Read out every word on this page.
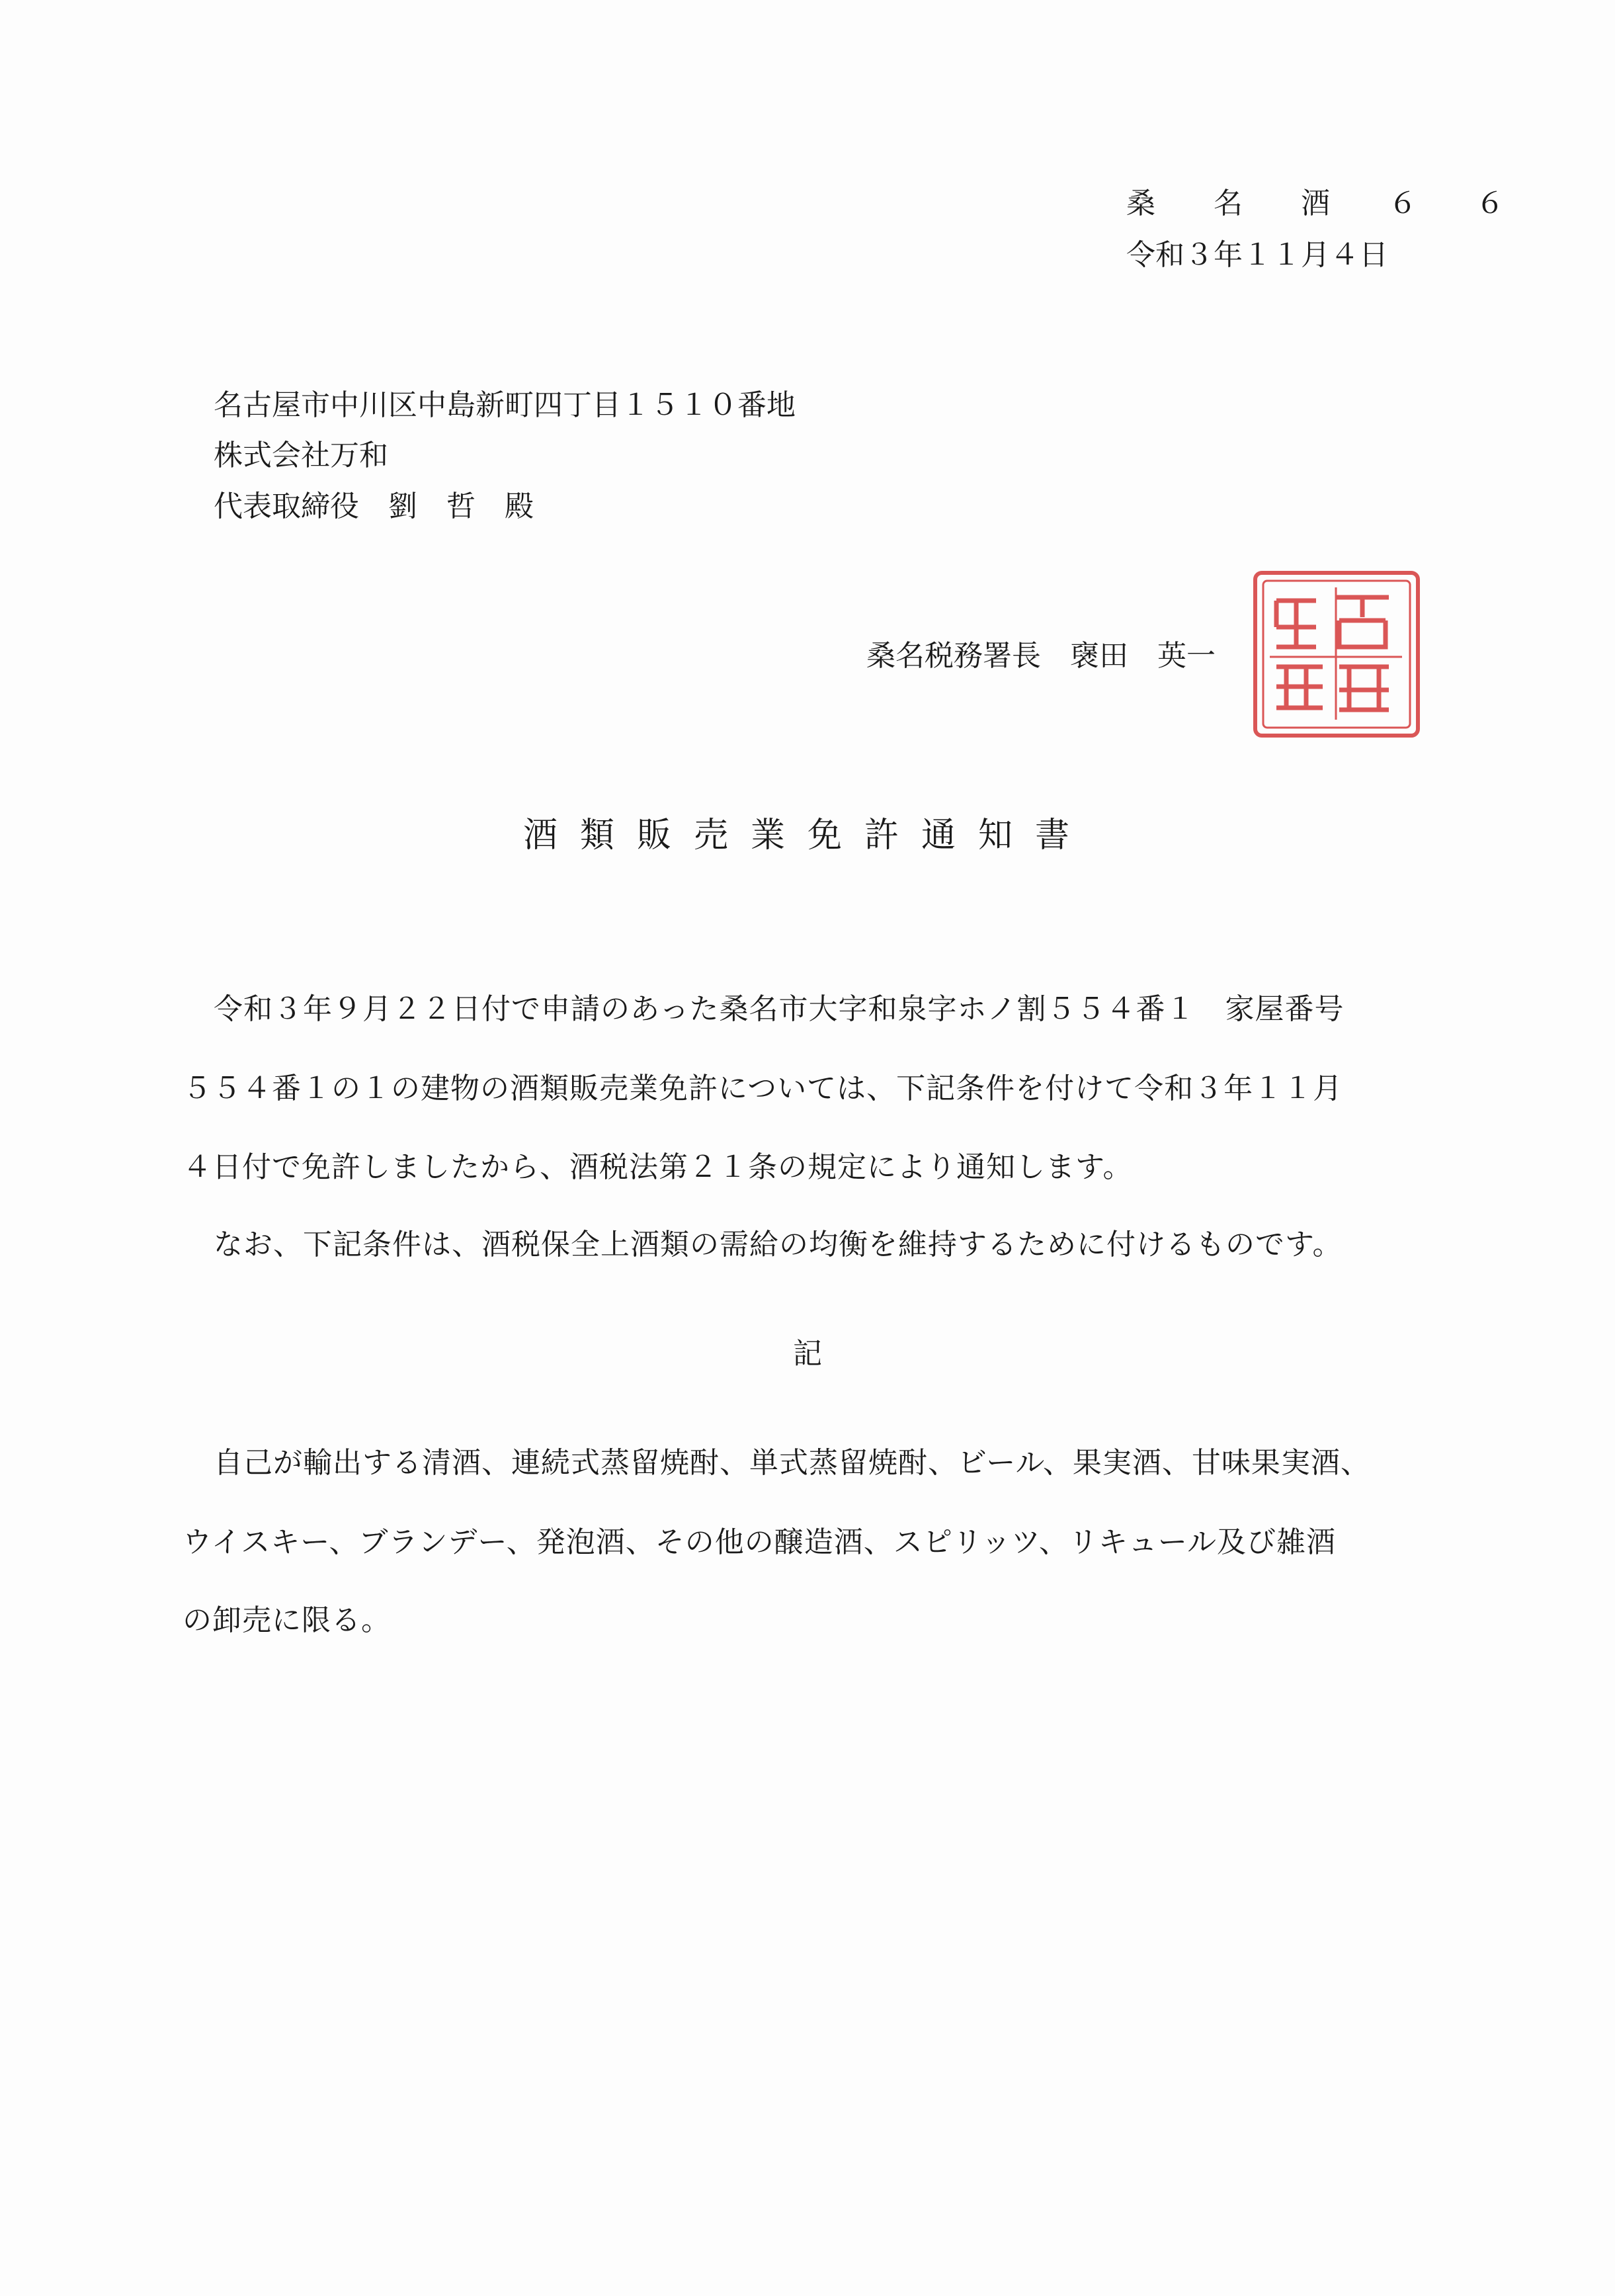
桑　名　酒　６　６
令和３年１１月４日
名古屋市中川区中島新町四丁目１５１０番地
株式会社万和
代表取締役　劉　哲　殿
桑名税務署長　襃田　英一
酒類販売業免許通知書
令和３年９月２２日付で申請のあった桑名市大字和泉字ホノ割５５４番１　家屋番号
５５４番１の１の建物の酒類販売業免許については、下記条件を付けて令和３年１１月
４日付で免許しましたから、酒税法第２１条の規定により通知します。
なお、下記条件は、酒税保全上酒類の需給の均衡を維持するために付けるものです。
記
自己が輸出する清酒、連続式蒸留焼酎、単式蒸留焼酎、ビール、果実酒、甘味果実酒、
ウイスキー、ブランデー、発泡酒、その他の醸造酒、スピリッツ、リキュール及び雑酒
の卸売に限る。
